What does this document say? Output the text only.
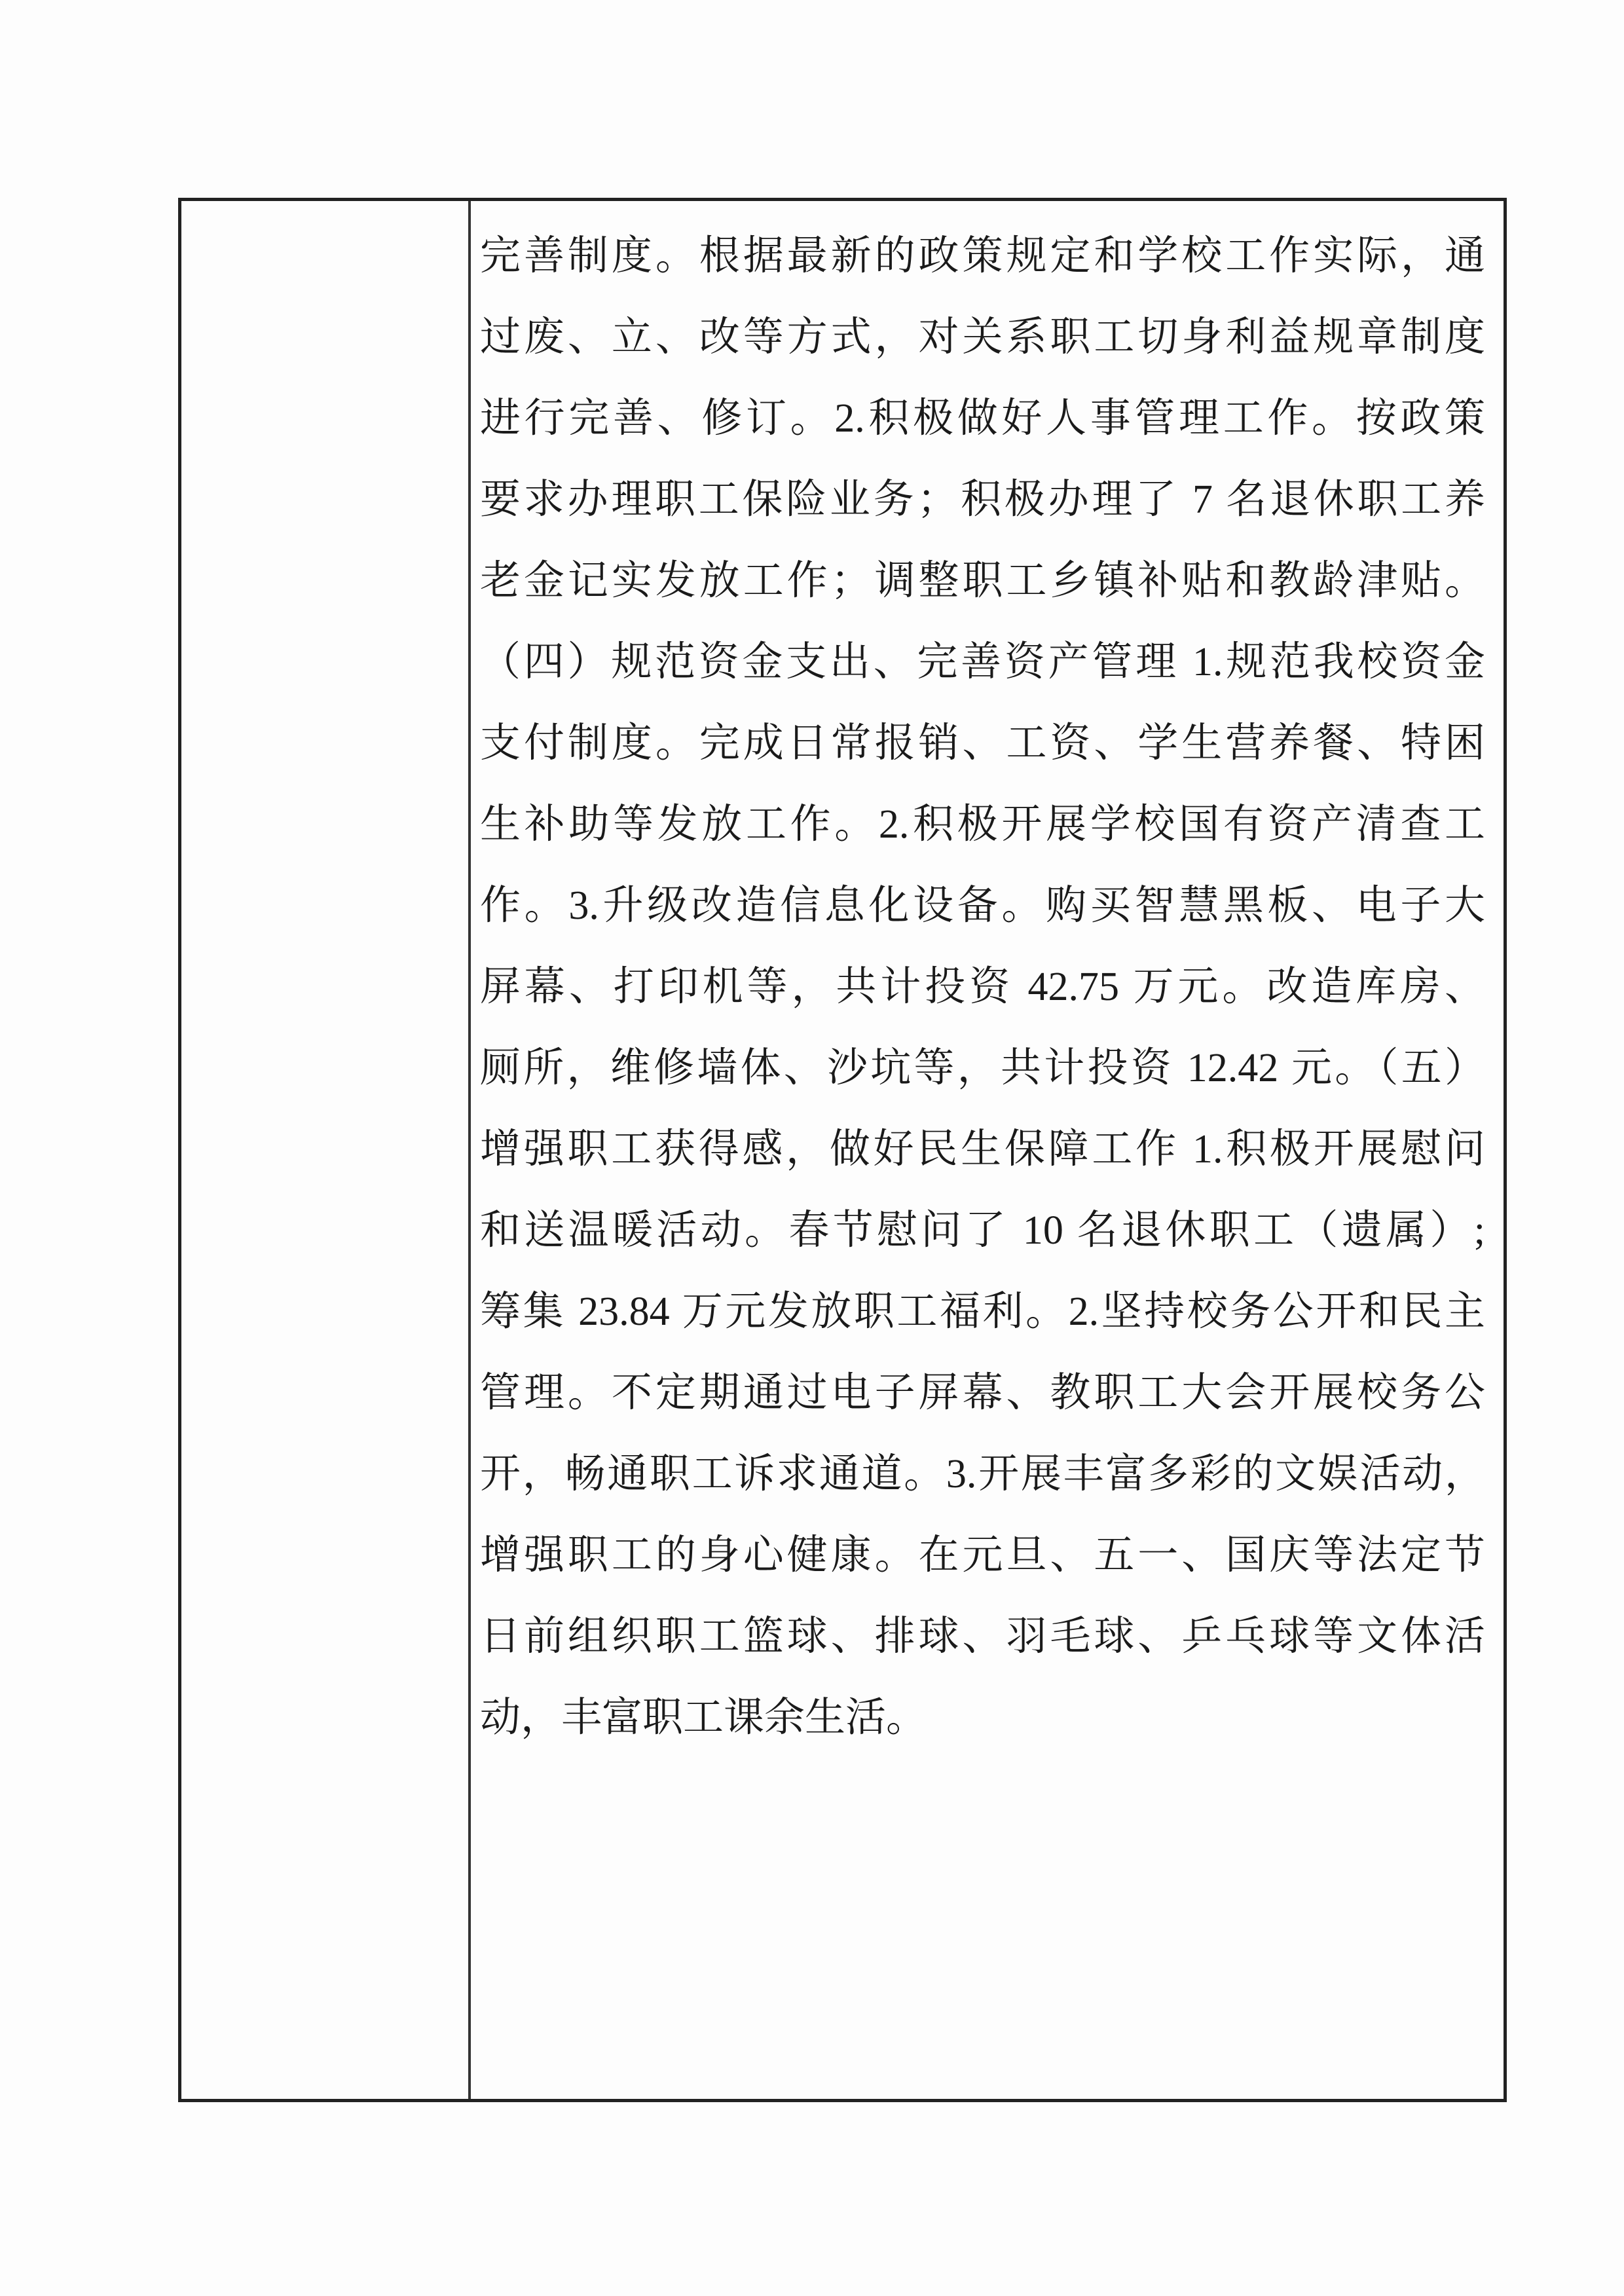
完善制度。根据最新的政策规定和学校工作实际，通
过废、立、改等方式，对关系职工切身利益规章制度
进行完善、修订。2.积极做好人事管理工作。按政策
要求办理职工保险业务；积极办理了 7 名退休职工养
老金记实发放工作；调整职工乡镇补贴和教龄津贴。
（四）规范资金支出、完善资产管理 1.规范我校资金
支付制度。完成日常报销、工资、学生营养餐、特困
生补助等发放工作。2.积极开展学校国有资产清查工
作。3.升级改造信息化设备。购买智慧黑板、电子大
屏幕、打印机等，共计投资 42.75 万元。改造库房、
厕所，维修墙体、沙坑等，共计投资 12.42 元。（五）
增强职工获得感，做好民生保障工作 1.积极开展慰问
和送温暖活动。春节慰问了 10 名退休职工（遗属）;
筹集 23.84 万元发放职工福利。2.坚持校务公开和民主
管理。不定期通过电子屏幕、教职工大会开展校务公
开，畅通职工诉求通道。3.开展丰富多彩的文娱活动，
增强职工的身心健康。在元旦、五一、国庆等法定节
日前组织职工篮球、排球、羽毛球、乒乓球等文体活
动，丰富职工课余生活。
